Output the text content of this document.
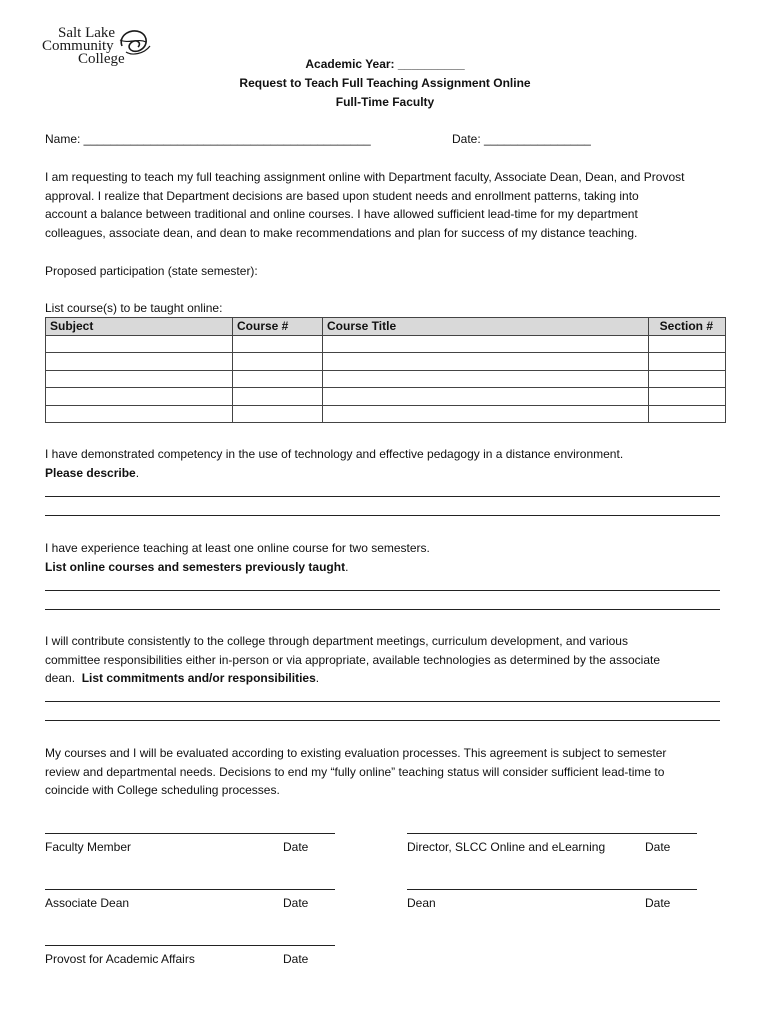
Salt Lake
Community
College	Academic Year: __________
Request to Teach Full Teaching Assignment Online
Full-Time Faculty
Name: ___________________________________________	Date: ________________
I am requesting to teach my full teaching assignment online with Department faculty, Associate Dean, Dean, and Provost
approval. I realize that Department decisions are based upon student needs and enrollment patterns, taking into
account a balance between traditional and online courses. I have allowed sufficient lead-time for my department
colleagues, associate dean, and dean to make recommendations and plan for success of my distance teaching.
Proposed participation (state semester):
List course(s) to be taught online:
Subject	Course #	Course Title	Section #

I have demonstrated competency in the use of technology and effective pedagogy in a distance environment.
Please describe.
I have experience teaching at least one online course for two semesters.
List online courses and semesters previously taught.
I will contribute consistently to the college through department meetings, curriculum development, and various
committee responsibilities either in-person or via appropriate, available technologies as determined by the associate
dean.  List commitments and/or responsibilities.
My courses and I will be evaluated according to existing evaluation processes. This agreement is subject to semester
review and departmental needs. Decisions to end my “fully online” teaching status will consider sufficient lead-time to
coincide with College scheduling processes.
Faculty Member	Date	Director, SLCC Online and eLearning	Date
Associate Dean	Date	Dean	Date
Provost for Academic Affairs	Date
